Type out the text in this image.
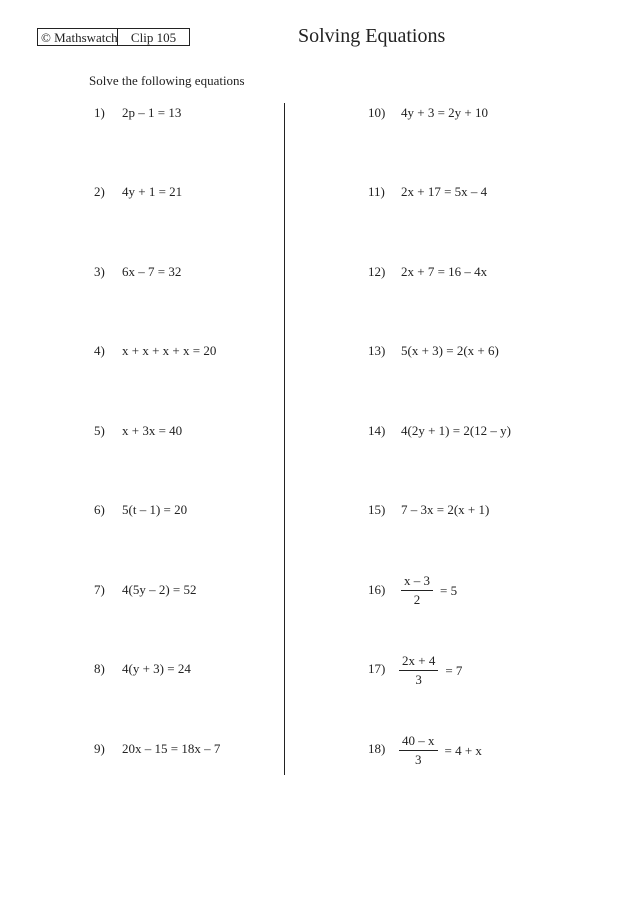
© Mathswatch	Clip 105	Solving Equations
Solve the following equations
1) 2p – 1 = 13
2) 4y + 1 = 21
3) 6x – 7 = 32
4) x + x + x + x = 20
5) x + 3x = 40
6) 5(t – 1) = 20
7) 4(5y – 2) = 52
8) 4(y + 3) = 24
9) 20x – 15 = 18x – 7
10) 4y + 3 = 2y + 10
11) 2x + 17 = 5x – 4
12) 2x + 7 = 16 – 4x
13) 5(x + 3) = 2(x + 6)
14) 4(2y + 1) = 2(12 – y)
15) 7 – 3x = 2(x + 1)
$16) \frac{x - 3}{2} = 5$
$17) \frac{2x + 4}{3} = 7$
$18) \frac{40 - x}{3} = 4 + x$
